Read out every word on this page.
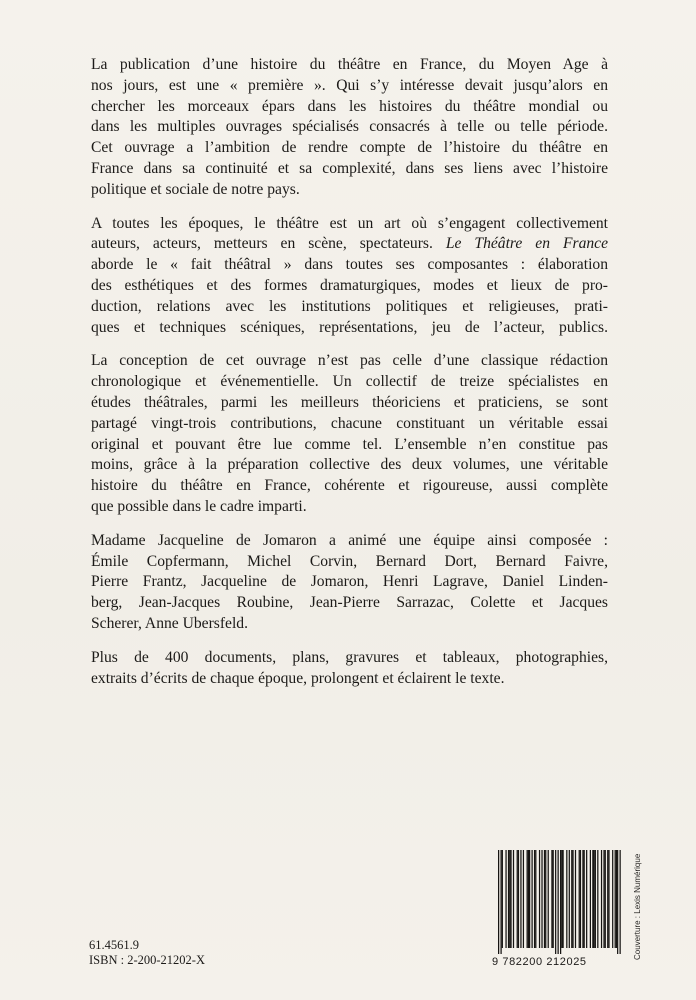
La publication d’une histoire du théâtre en France, du Moyen Age à
nos jours, est une « première ». Qui s’y intéresse devait jusqu’alors en
chercher les morceaux épars dans les histoires du théâtre mondial ou
dans les multiples ouvrages spécialisés consacrés à telle ou telle période.
Cet ouvrage a l’ambition de rendre compte de l’histoire du théâtre en
France dans sa continuité et sa complexité, dans ses liens avec l’histoire
politique et sociale de notre pays.
A toutes les époques, le théâtre est un art où s’engagent collectivement
auteurs, acteurs, metteurs en scène, spectateurs. Le Théâtre en France
aborde le « fait théâtral » dans toutes ses composantes : élaboration
des esthétiques et des formes dramaturgiques, modes et lieux de pro-
duction, relations avec les institutions politiques et religieuses, prati-
ques et techniques scéniques, représentations, jeu de l’acteur, publics.
La conception de cet ouvrage n’est pas celle d’une classique rédaction
chronologique et événementielle. Un collectif de treize spécialistes en
études théâtrales, parmi les meilleurs théoriciens et praticiens, se sont
partagé vingt-trois contributions, chacune constituant un véritable essai
original et pouvant être lue comme tel. L’ensemble n’en constitue pas
moins, grâce à la préparation collective des deux volumes, une véritable
histoire du théâtre en France, cohérente et rigoureuse, aussi complète
que possible dans le cadre imparti.
Madame Jacqueline de Jomaron a animé une équipe ainsi composée :
Émile Copfermann, Michel Corvin, Bernard Dort, Bernard Faivre,
Pierre Frantz, Jacqueline de Jomaron, Henri Lagrave, Daniel Linden-
berg, Jean-Jacques Roubine, Jean-Pierre Sarrazac, Colette et Jacques
Scherer, Anne Ubersfeld.
Plus de 400 documents, plans, gravures et tableaux, photographies,
extraits d’écrits de chaque époque, prolongent et éclairent le texte.
9 782200 212025
61.4561.9
ISBN : 2-200-21202-X	Couverture : Lexis Numérique
